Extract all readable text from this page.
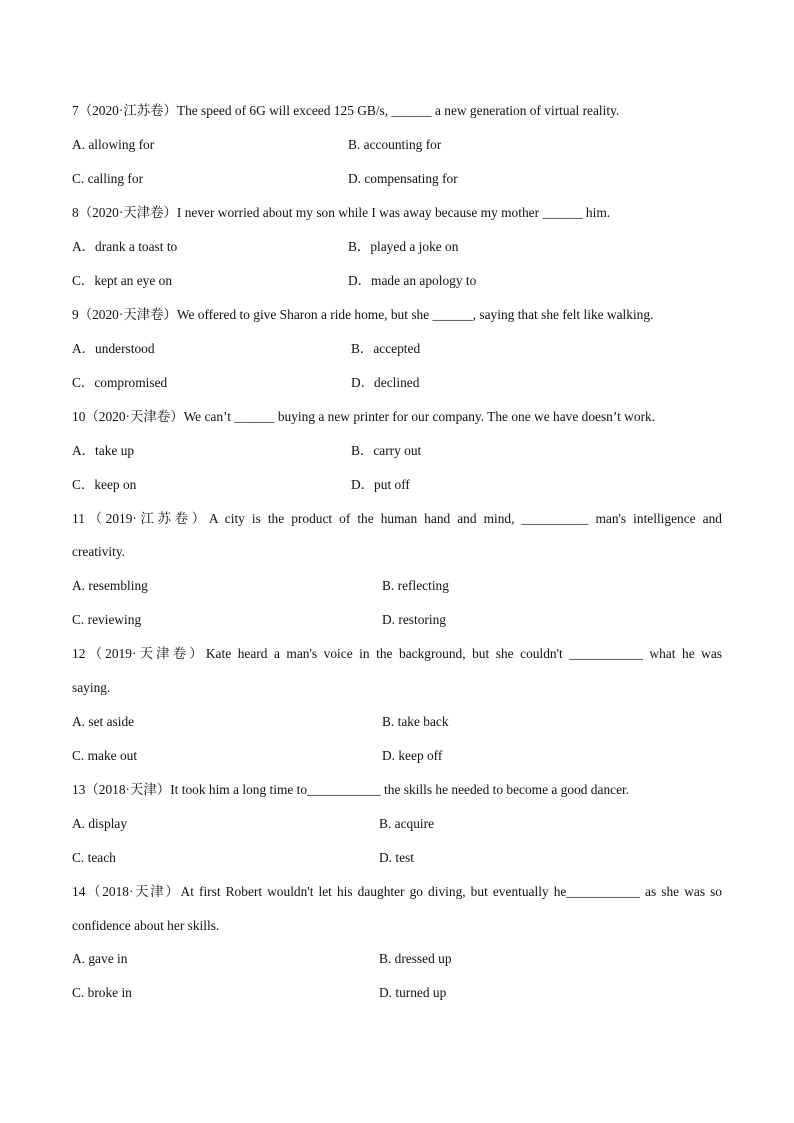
7（2020·江苏卷）The speed of 6G will exceed 125 GB/s, ______ a new generation of virtual reality.
A. allowing for	B. accounting for
C. calling for	D. compensating for
8（2020·天津卷）I never worried about my son while I was away because my mother ______ him.
A．drank a toast to	B．played a joke on
C．kept an eye on	D．made an apology to
9（2020·天津卷）We offered to give Sharon a ride home, but she ______, saying that she felt like walking.
A．understood	B．accepted
C．compromised	D．declined
10（2020·天津卷）We can’t ______ buying a new printer for our company. The one we have doesn’t work.
A．take up	B．carry out
C．keep on	D．put off
11（2019·江苏卷）A city is the product of the human hand and mind, __________ man's intelligence and
creativity.
A. resembling	B. reflecting
C. reviewing	D. restoring
12（2019·天津卷）Kate heard a man's voice in the background, but she couldn't ___________ what he was
saying.
A. set aside	B. take back
C. make out	D. keep off
13（2018·天津）It took him a long time to___________ the skills he needed to become a good dancer.
A. display	B. acquire
C. teach	D. test
14（2018·天津）At first Robert wouldn't let his daughter go diving, but eventually he___________ as she was so
confidence about her skills.
A. gave in	B. dressed up
C. broke in	D. turned up
